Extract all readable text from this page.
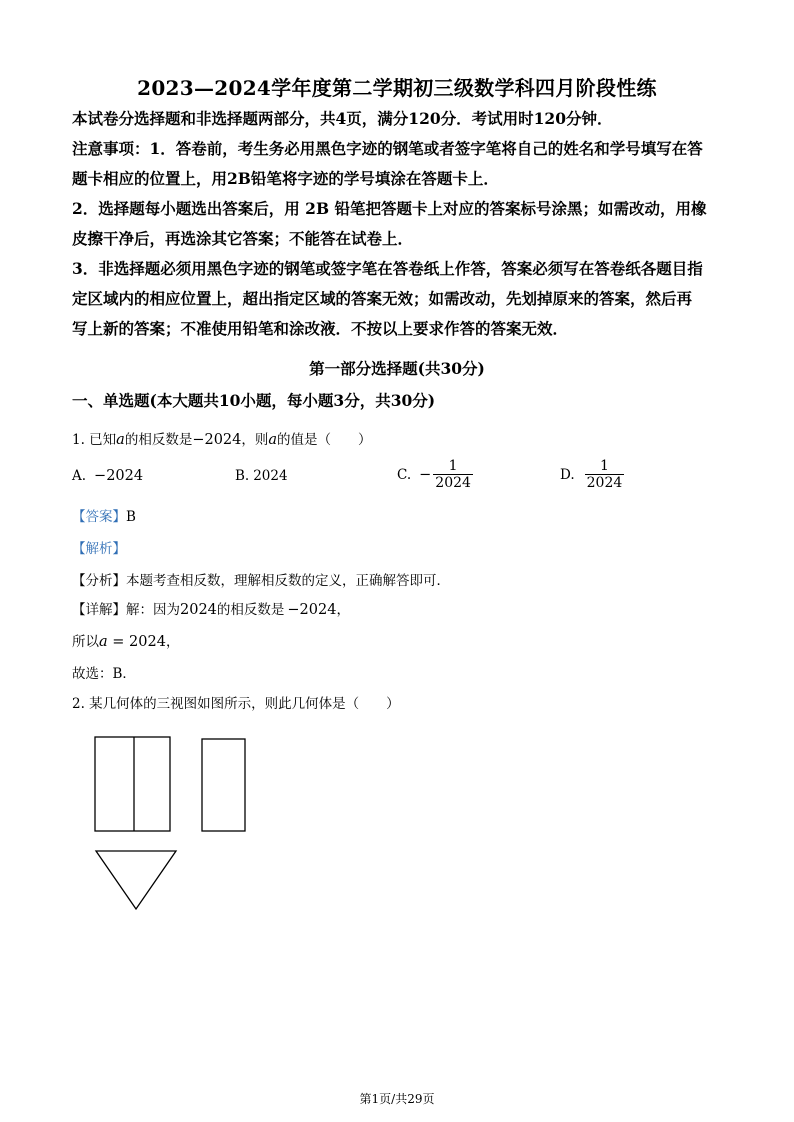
2023—2024学年度第二学期初三级数学科四月阶段性练
本试卷分选择题和非选择题两部分，共4页，满分120分．考试用时120分钟．
注意事项：1．答卷前，考生务必用黑色字迹的钢笔或者签字笔将自己的姓名和学号填写在答
题卡相应的位置上，用2B铅笔将字迹的学号填涂在答题卡上．
2．选择题每小题选出答案后，用 2B 铅笔把答题卡上对应的答案标号涂黑；如需改动，用橡
皮擦干净后，再选涂其它答案；不能答在试卷上．
3．非选择题必须用黑色字迹的钢笔或签字笔在答卷纸上作答，答案必须写在答卷纸各题目指
定区域内的相应位置上，超出指定区域的答案无效；如需改动，先划掉原来的答案，然后再
写上新的答案；不准使用铅笔和涂改液．不按以上要求作答的答案无效．
第一部分选择题(共30分)
一、单选题(本大题共10小题，每小题3分，共30分)
1. 已知a的相反数是−2024，则a的值是（　　）
A. −2024	B. 2024	C. − $\frac{1}{2024}$	D. $\frac{1}{2024}$
【答案】B
【解析】
【分析】本题考查相反数，理解相反数的定义，正确解答即可．
【详解】解：因为2024的相反数是 −2024，
所以a = 2024，
故选：B．
2. 某几何体的三视图如图所示，则此几何体是（　　）
第1页/共29页
